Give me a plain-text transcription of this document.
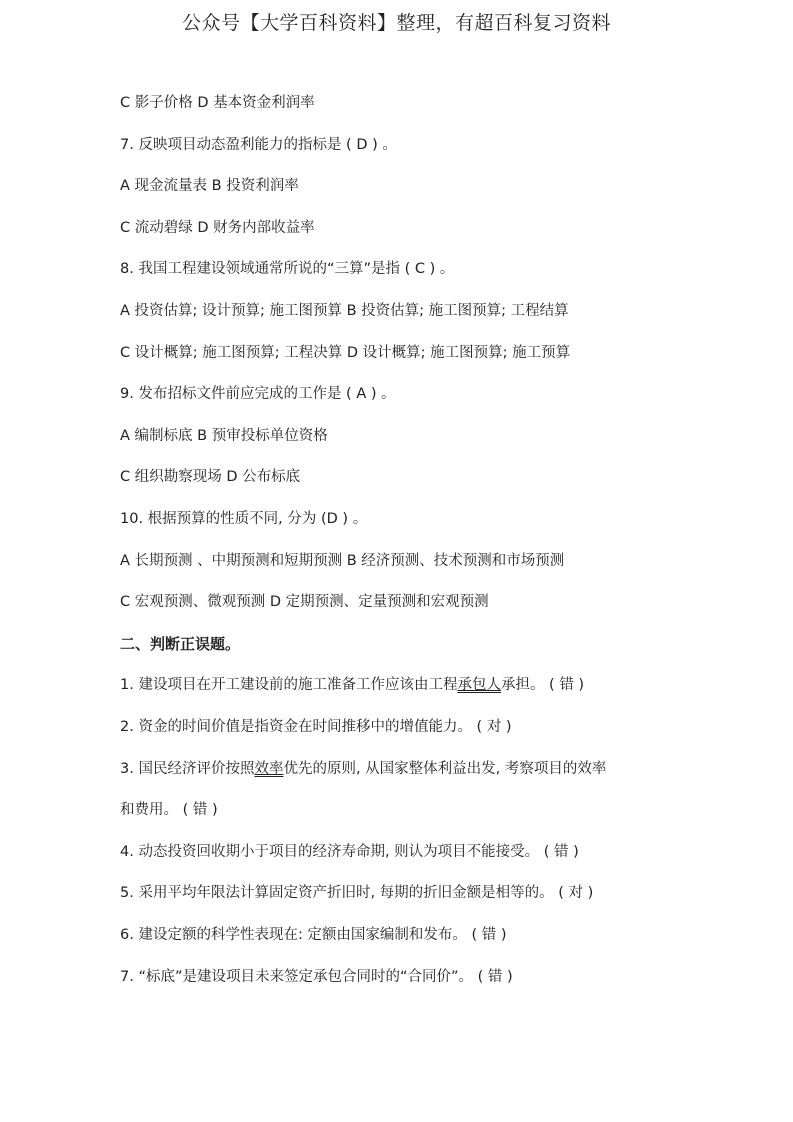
公众号【大学百科资料】整理，有超百科复习资料
C 影子价格 D 基本资金利润率
7. 反映项目动态盈利能力的指标是 ( D ) 。
A 现金流量表 B 投资利润率
C 流动碧绿 D 财务内部收益率
8. 我国工程建设领域通常所说的“三算”是指 ( C ) 。
A 投资估算; 设计预算; 施工图预算 B 投资估算; 施工图预算; 工程结算
C 设计概算; 施工图预算; 工程决算 D 设计概算; 施工图预算; 施工预算
9. 发布招标文件前应完成的工作是 ( A ) 。
A 编制标底 B 预审投标单位资格
C 组织勘察现场 D 公布标底
10. 根据预算的性质不同, 分为 (D ) 。
A 长期预测 、中期预测和短期预测 B 经济预测、技术预测和市场预测
C 宏观预测、微观预测 D 定期预测、定量预测和宏观预测
二、判断正误题。
1. 建设项目在开工建设前的施工准备工作应该由工程承包人承担。 ( 错 )
2. 资金的时间价值是指资金在时间推移中的增值能力。 ( 对 )
3. 国民经济评价按照效率优先的原则, 从国家整体利益出发, 考察项目的效率
和费用。 ( 错 )
4. 动态投资回收期小于项目的经济寿命期, 则认为项目不能接受。 ( 错 )
5. 采用平均年限法计算固定资产折旧时, 每期的折旧金额是相等的。 ( 对 )
6. 建设定额的科学性表现在: 定额由国家编制和发布。 ( 错 )
7. “标底”是建设项目未来签定承包合同时的“合同价”。 ( 错 )
